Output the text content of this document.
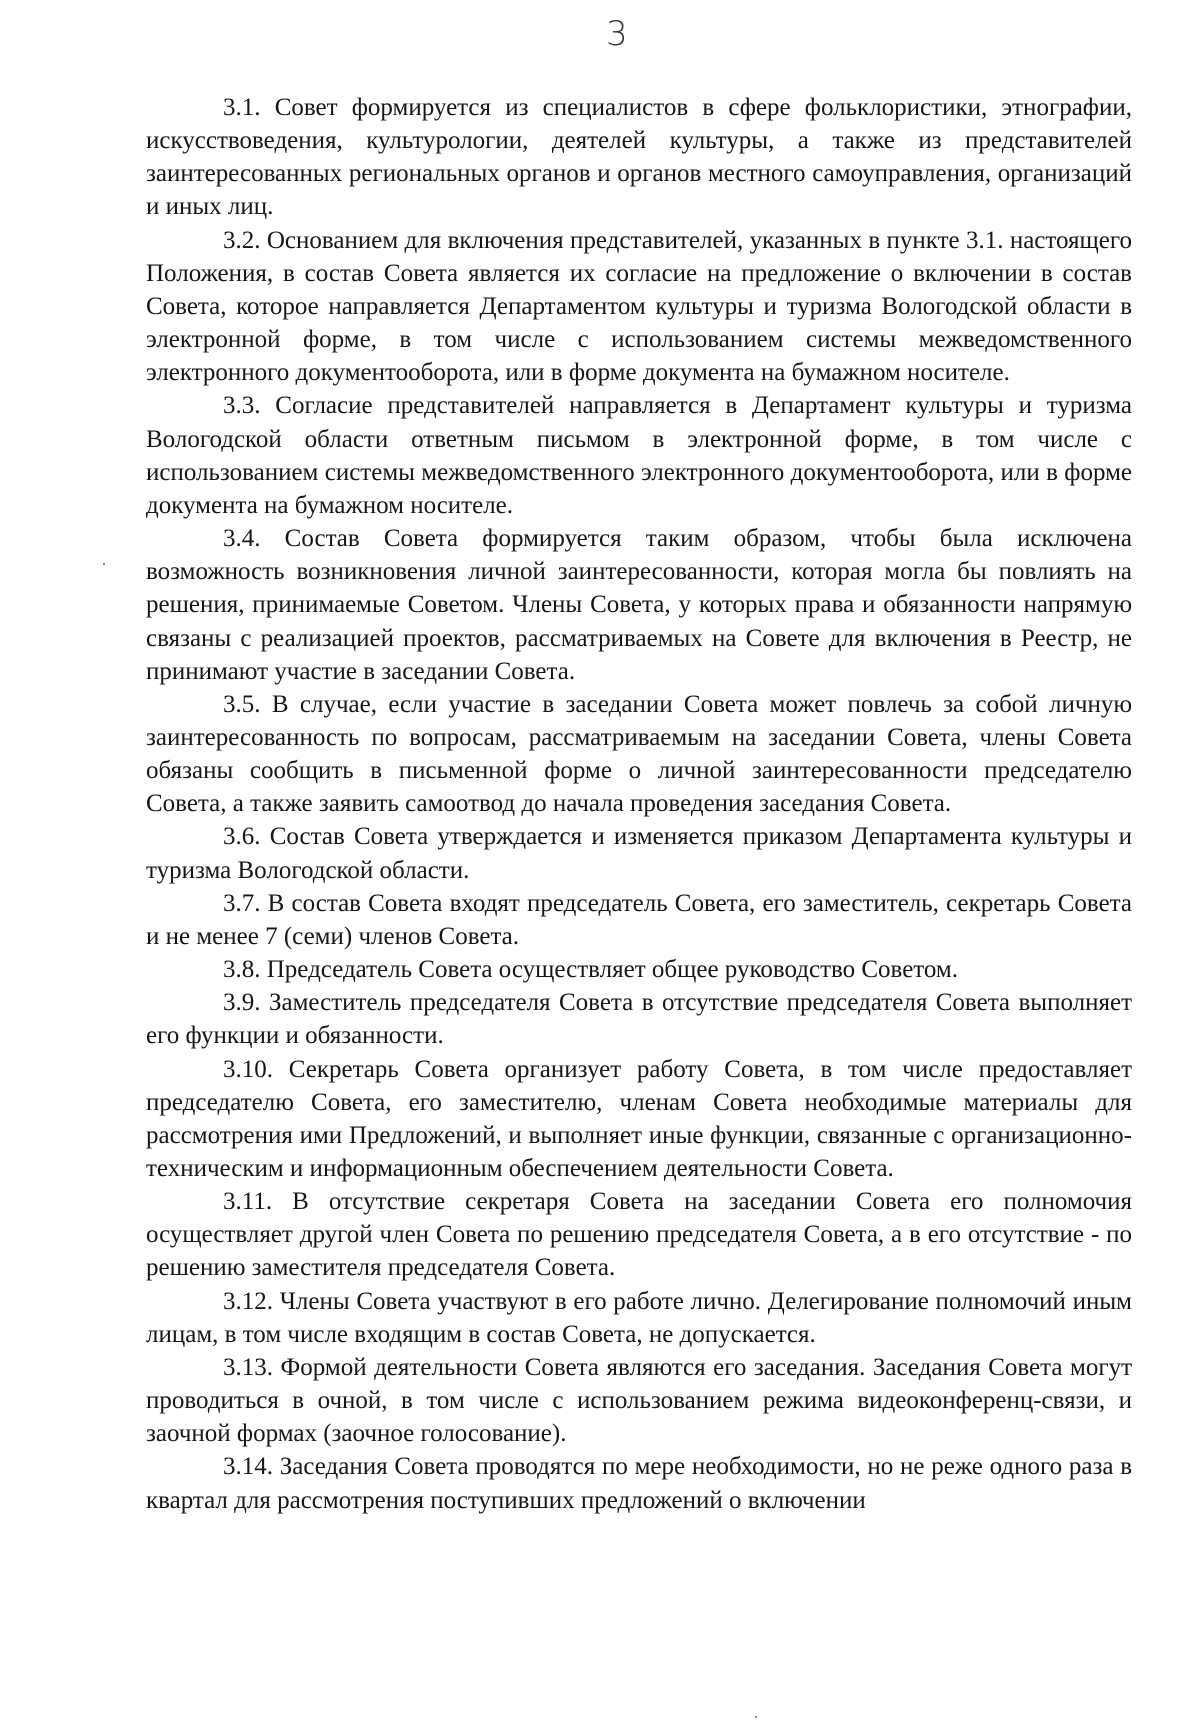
3

3.1. Совет формируется из специалистов в сфере фольклористики, этнографии, искусствоведения, культурологии, деятелей культуры, а также из представителей заинтересованных региональных органов и органов местного самоуправления, организаций и иных лиц.

3.2. Основанием для включения представителей, указанных в пункте 3.1. настоящего Положения, в состав Совета является их согласие на предложение о включении в состав Совета, которое направляется Департаментом культуры и туризма Вологодской области в электронной форме, в том числе с использованием системы межведомственного электронного документооборота, или в форме документа на бумажном носителе.

3.3. Согласие представителей направляется в Департамент культуры и туризма Вологодской области ответным письмом в электронной форме, в том числе с использованием системы межведомственного электронного документооборота, или в форме документа на бумажном носителе.

3.4. Состав Совета формируется таким образом, чтобы была исключена возможность возникновения личной заинтересованности, которая могла бы повлиять на решения, принимаемые Советом. Члены Совета, у которых права и обязанности напрямую связаны с реализацией проектов, рассматриваемых на Совете для включения в Реестр, не принимают участие в заседании Совета.

3.5. В случае, если участие в заседании Совета может повлечь за собой личную заинтересованность по вопросам, рассматриваемым на заседании Совета, члены Совета обязаны сообщить в письменной форме о личной заинтересованности председателю Совета, а также заявить самоотвод до начала проведения заседания Совета.

3.6. Состав Совета утверждается и изменяется приказом Департамента культуры и туризма Вологодской области.

3.7. В состав Совета входят председатель Совета, его заместитель, секретарь Совета и не менее 7 (семи) членов Совета.

3.8. Председатель Совета осуществляет общее руководство Советом.

3.9. Заместитель председателя Совета в отсутствие председателя Совета выполняет его функции и обязанности.

3.10. Секретарь Совета организует работу Совета, в том числе предоставляет председателю Совета, его заместителю, членам Совета необходимые материалы для рассмотрения ими Предложений, и выполняет иные функции, связанные с организационно-техническим и информационным обеспечением деятельности Совета.

3.11. В отсутствие секретаря Совета на заседании Совета его полномочия осуществляет другой член Совета по решению председателя Совета, а в его отсутствие - по решению заместителя председателя Совета.

3.12. Члены Совета участвуют в его работе лично. Делегирование полномочий иным лицам, в том числе входящим в состав Совета, не допускается.

3.13. Формой деятельности Совета являются его заседания. Заседания Совета могут проводиться в очной, в том числе с использованием режима видеоконференц-связи, и заочной формах (заочное голосование).

3.14. Заседания Совета проводятся по мере необходимости, но не реже одного раза в квартал для рассмотрения поступивших предложений о включении
